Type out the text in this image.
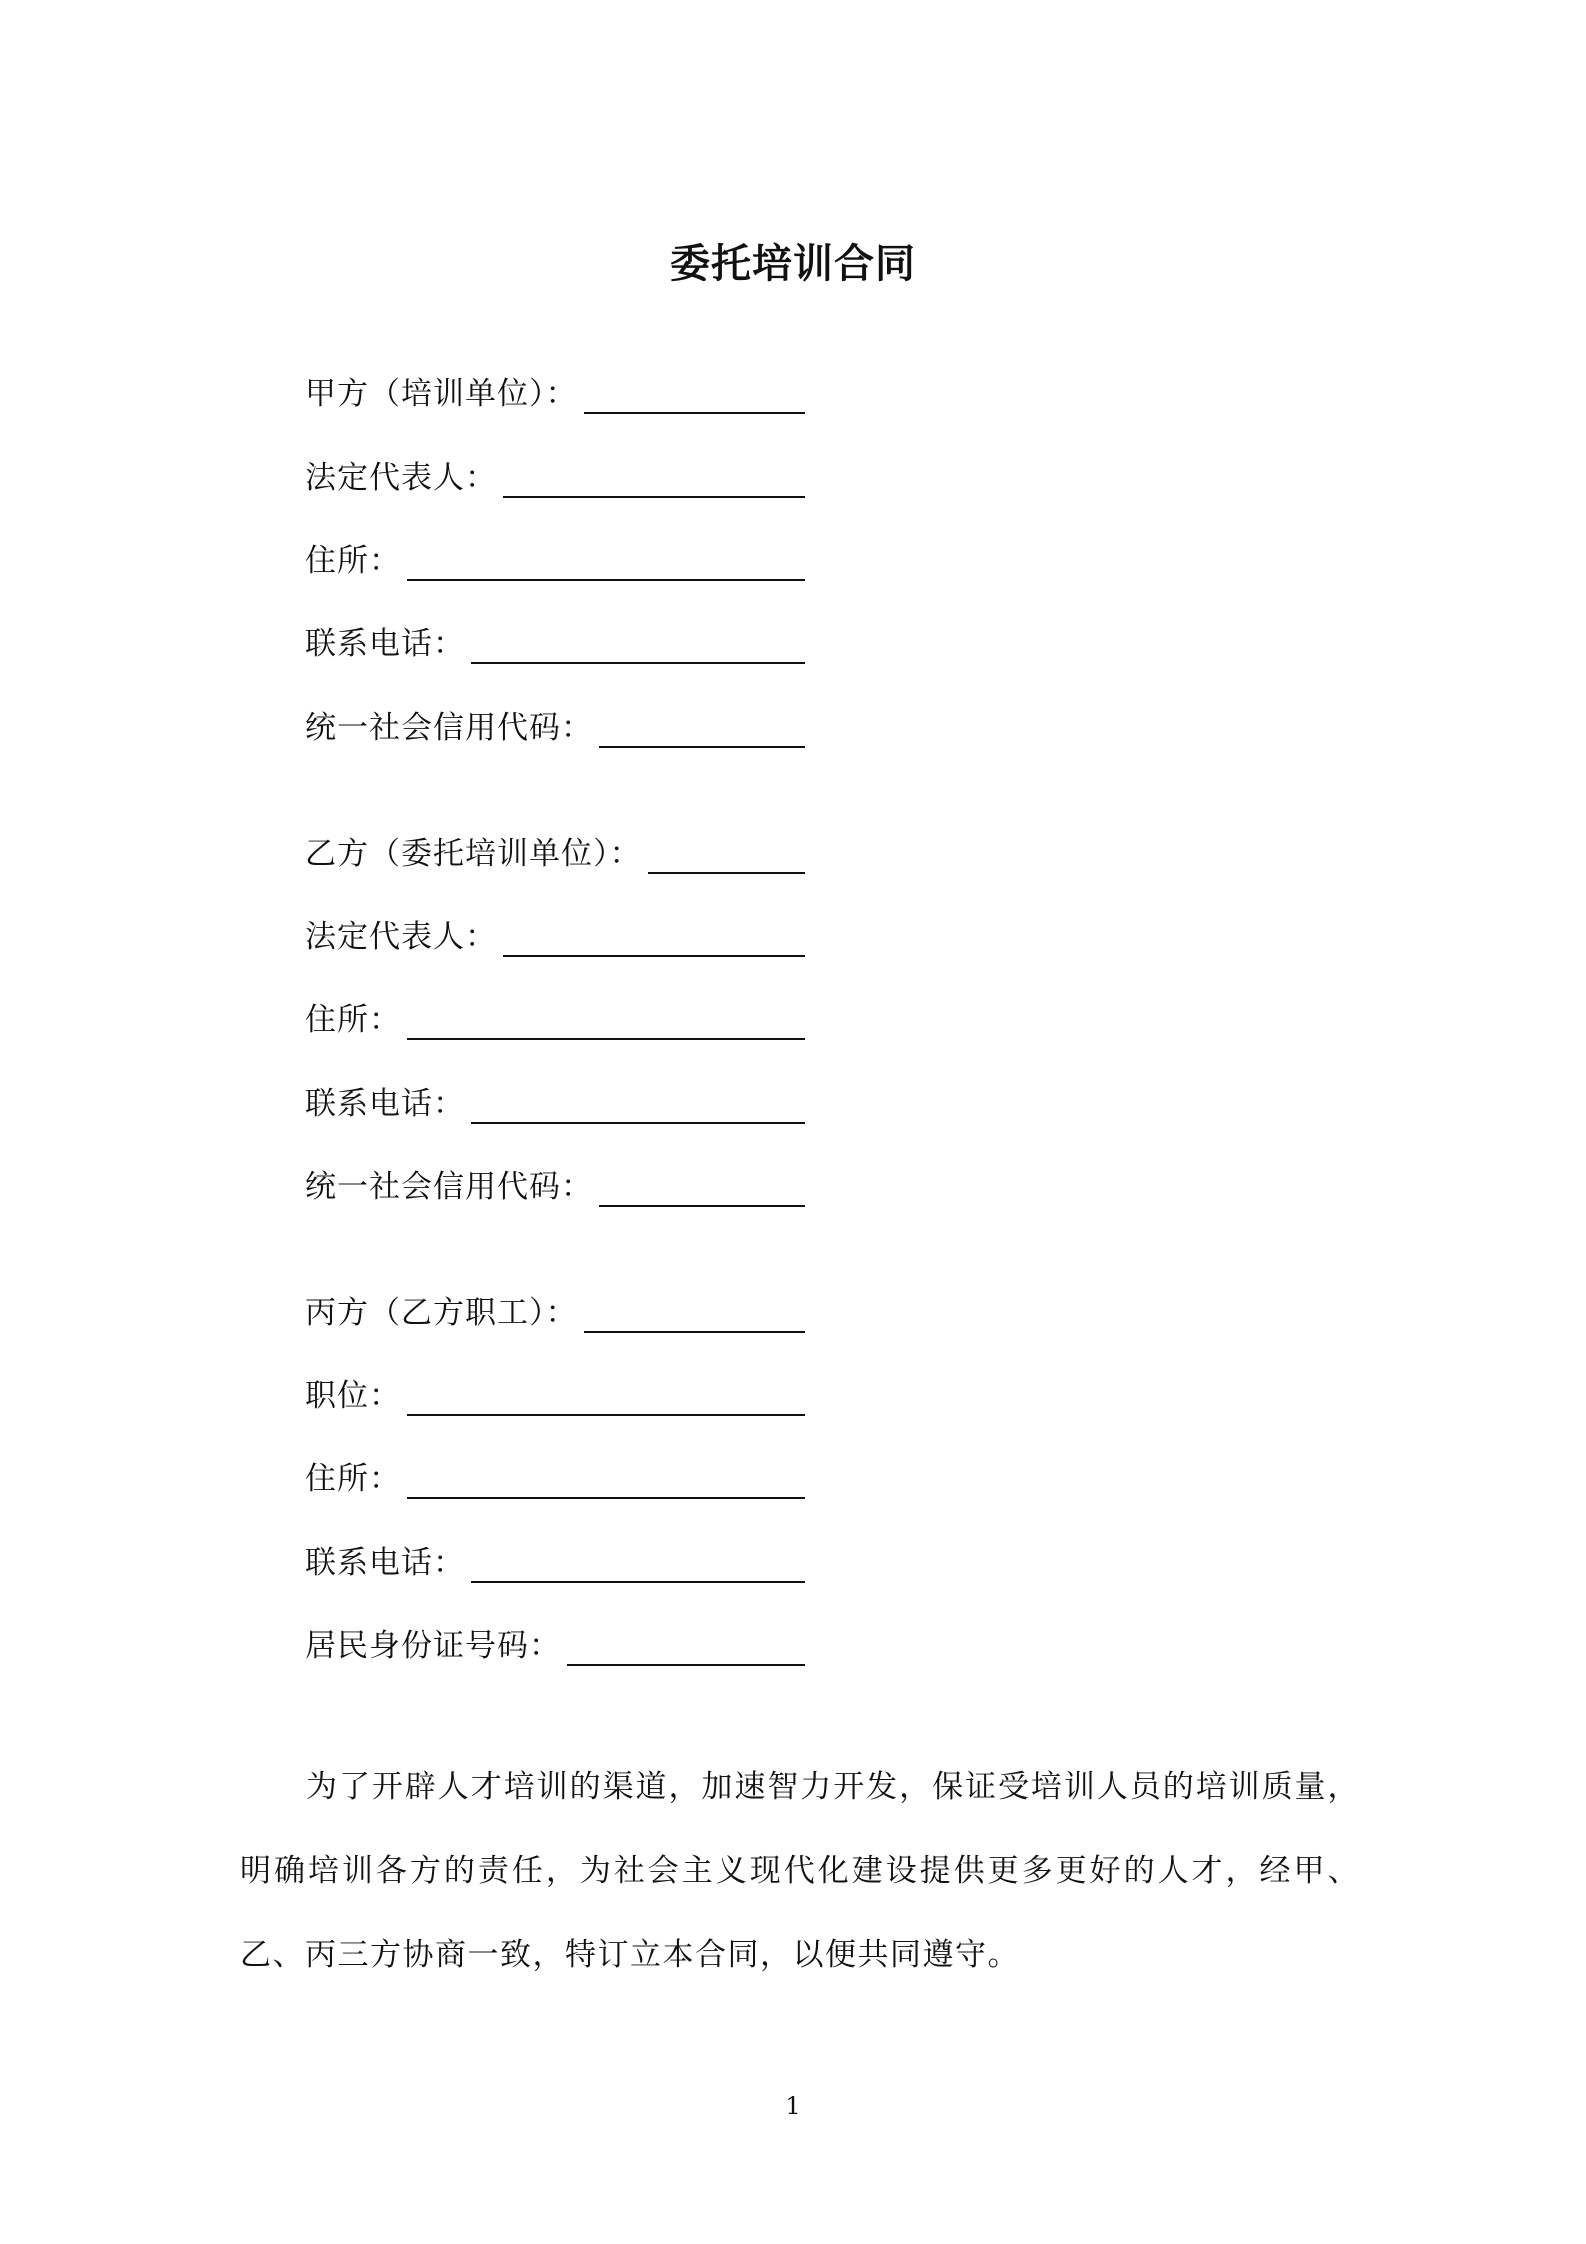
委托培训合同
甲方（培训单位）：
法定代表人：
住所：
联系电话：
统一社会信用代码：
乙方（委托培训单位）：
法定代表人：
住所：
联系电话：
统一社会信用代码：
丙方（乙方职工）：
职位：
住所：
联系电话：
居民身份证号码：
为了开辟人才培训的渠道，加速智力开发，保证受培训人员的培训质量，明确培训各方的责任，为社会主义现代化建设提供更多更好的人才，经甲、乙、丙三方协商一致，特订立本合同，以便共同遵守。
1
